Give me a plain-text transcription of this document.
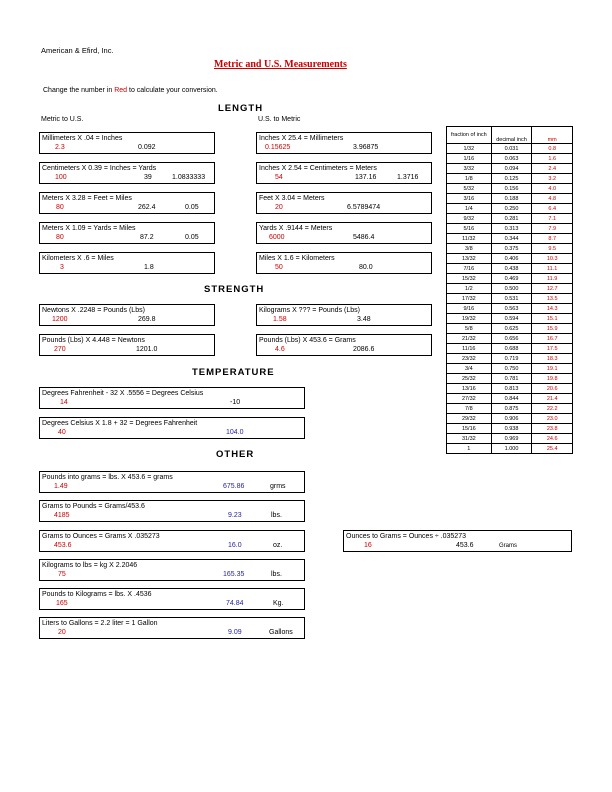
American & Efird, Inc.
Metric and U.S. Measurements
Change the number in Red to calculate your conversion.
LENGTH
Metric to U.S.	U.S. to Metric
Millimeters X .04 = Inches
2.3	0.092
Centimeters X 0.39 = Inches = Yards
100	39	1.0833333
Meters X 3.28 = Feet = Miles
80	262.4	0.05
Meters X 1.09 = Yards = Miles
80	87.2	0.05
Kilometers X .6 = Miles
3	1.8
Inches X 25.4 = Millimeters
0.15625	3.96875
Inches X 2.54 = Centimeters = Meters
54	137.16	1.3716
Feet X 3.04 = Meters
20	6.5789474
Yards X .9144 = Meters
6000	5486.4
Miles X 1.6 = Kilometers
50	80.0
STRENGTH
Newtons X .2248 = Pounds (Lbs)
1200	269.8
Kilograms X ??? = Pounds (Lbs)
1.58	3.48
Pounds (Lbs) X 4.448 = Newtons
270	1201.0
Pounds (Lbs) X 453.6 = Grams
4.6	2086.6
TEMPERATURE
Degrees Fahrenheit - 32 X .5556 = Degrees Celsius
14	-10
Degrees Celsius X 1.8 + 32 = Degrees Fahrenheit
40	104.0
OTHER
Pounds into grams = lbs. X 453.6 = grams
1.49	675.86	grms
Grams to Pounds = Grams/453.6
4185	9.23	lbs.
Grams to Ounces = Grams X .035273
453.6	16.0	oz.
Ounces to Grams = Ounces ÷ .035273
16	453.6	Grams
Kilograms to lbs = kg X 2.2046
75	165.35	lbs.
Pounds to Kilograms = lbs. X .4536
165	74.84	Kg.
Liters to Gallons = 2.2 liter = 1 Gallon
20	9.09	Gallons
fraction of inch	decimal inch	mm
1/32	0.031	0.8
1/16	0.063	1.6
3/32	0.094	2.4
1/8	0.125	3.2
5/32	0.156	4.0
3/16	0.188	4.8
1/4	0.250	6.4
9/32	0.281	7.1
5/16	0.313	7.9
11/32	0.344	8.7
3/8	0.375	9.5
13/32	0.406	10.3
7/16	0.438	11.1
15/32	0.469	11.9
1/2	0.500	12.7
17/32	0.531	13.5
9/16	0.563	14.3
19/32	0.594	15.1
5/8	0.625	15.9
21/32	0.656	16.7
11/16	0.688	17.5
23/32	0.719	18.3
3/4	0.750	19.1
25/32	0.781	19.8
13/16	0.813	20.6
27/32	0.844	21.4
7/8	0.875	22.2
29/32	0.906	23.0
15/16	0.938	23.8
31/32	0.969	24.6
1	1.000	25.4
